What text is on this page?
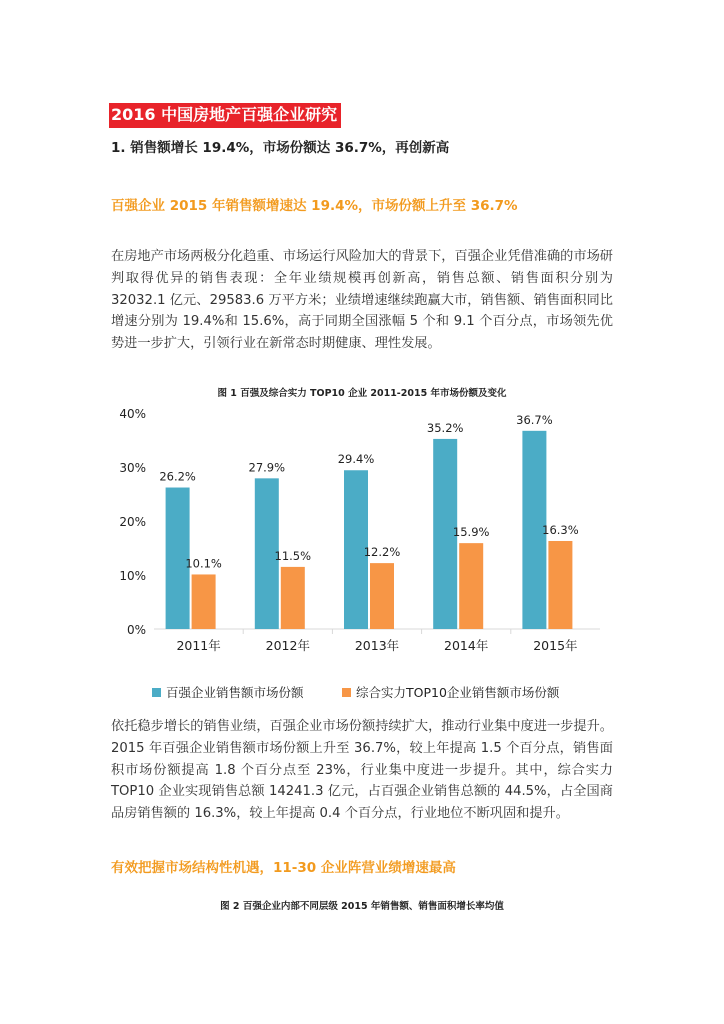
2016 中国房地产百强企业研究
1. 销售额增长 19.4%，市场份额达 36.7%，再创新高
百强企业 2015 年销售额增速达 19.4%，市场份额上升至 36.7%
在房地产市场两极分化趋重、市场运行风险加大的背景下，百强企业凭借准确的市场研判取得优异的销售表现：全年业绩规模再创新高，销售总额、销售面积分别为 32032.1 亿元、29583.6 万平方米；业绩增速继续跑赢大市，销售额、销售面积同比增速分别为 19.4%和 15.6%，高于同期全国涨幅 5 个和 9.1 个百分点，市场领先优势进一步扩大，引领行业在新常态时期健康、理性发展。
图 1 百强及综合实力 TOP10 企业 2011-2015 年市场份额及变化
0%
10%
20%
30%
40%
26.2%
10.1%
2011年
27.9%
11.5%
2012年
29.4%
12.2%
2013年
35.2%
15.9%
2014年
36.7%
16.3%
2015年
百强企业销售额市场份额	综合实力TOP10企业销售额市场份额
依托稳步增长的销售业绩，百强企业市场份额持续扩大，推动行业集中度进一步提升。2015 年百强企业销售额市场份额上升至 36.7%，较上年提高 1.5 个百分点，销售面积市场份额提高 1.8 个百分点至 23%，行业集中度进一步提升。其中，综合实力 TOP10 企业实现销售总额 14241.3 亿元，占百强企业销售总额的 44.5%，占全国商品房销售额的 16.3%，较上年提高 0.4 个百分点，行业地位不断巩固和提升。
有效把握市场结构性机遇，11-30 企业阵营业绩增速最高
图 2 百强企业内部不同层级 2015 年销售额、销售面积增长率均值
